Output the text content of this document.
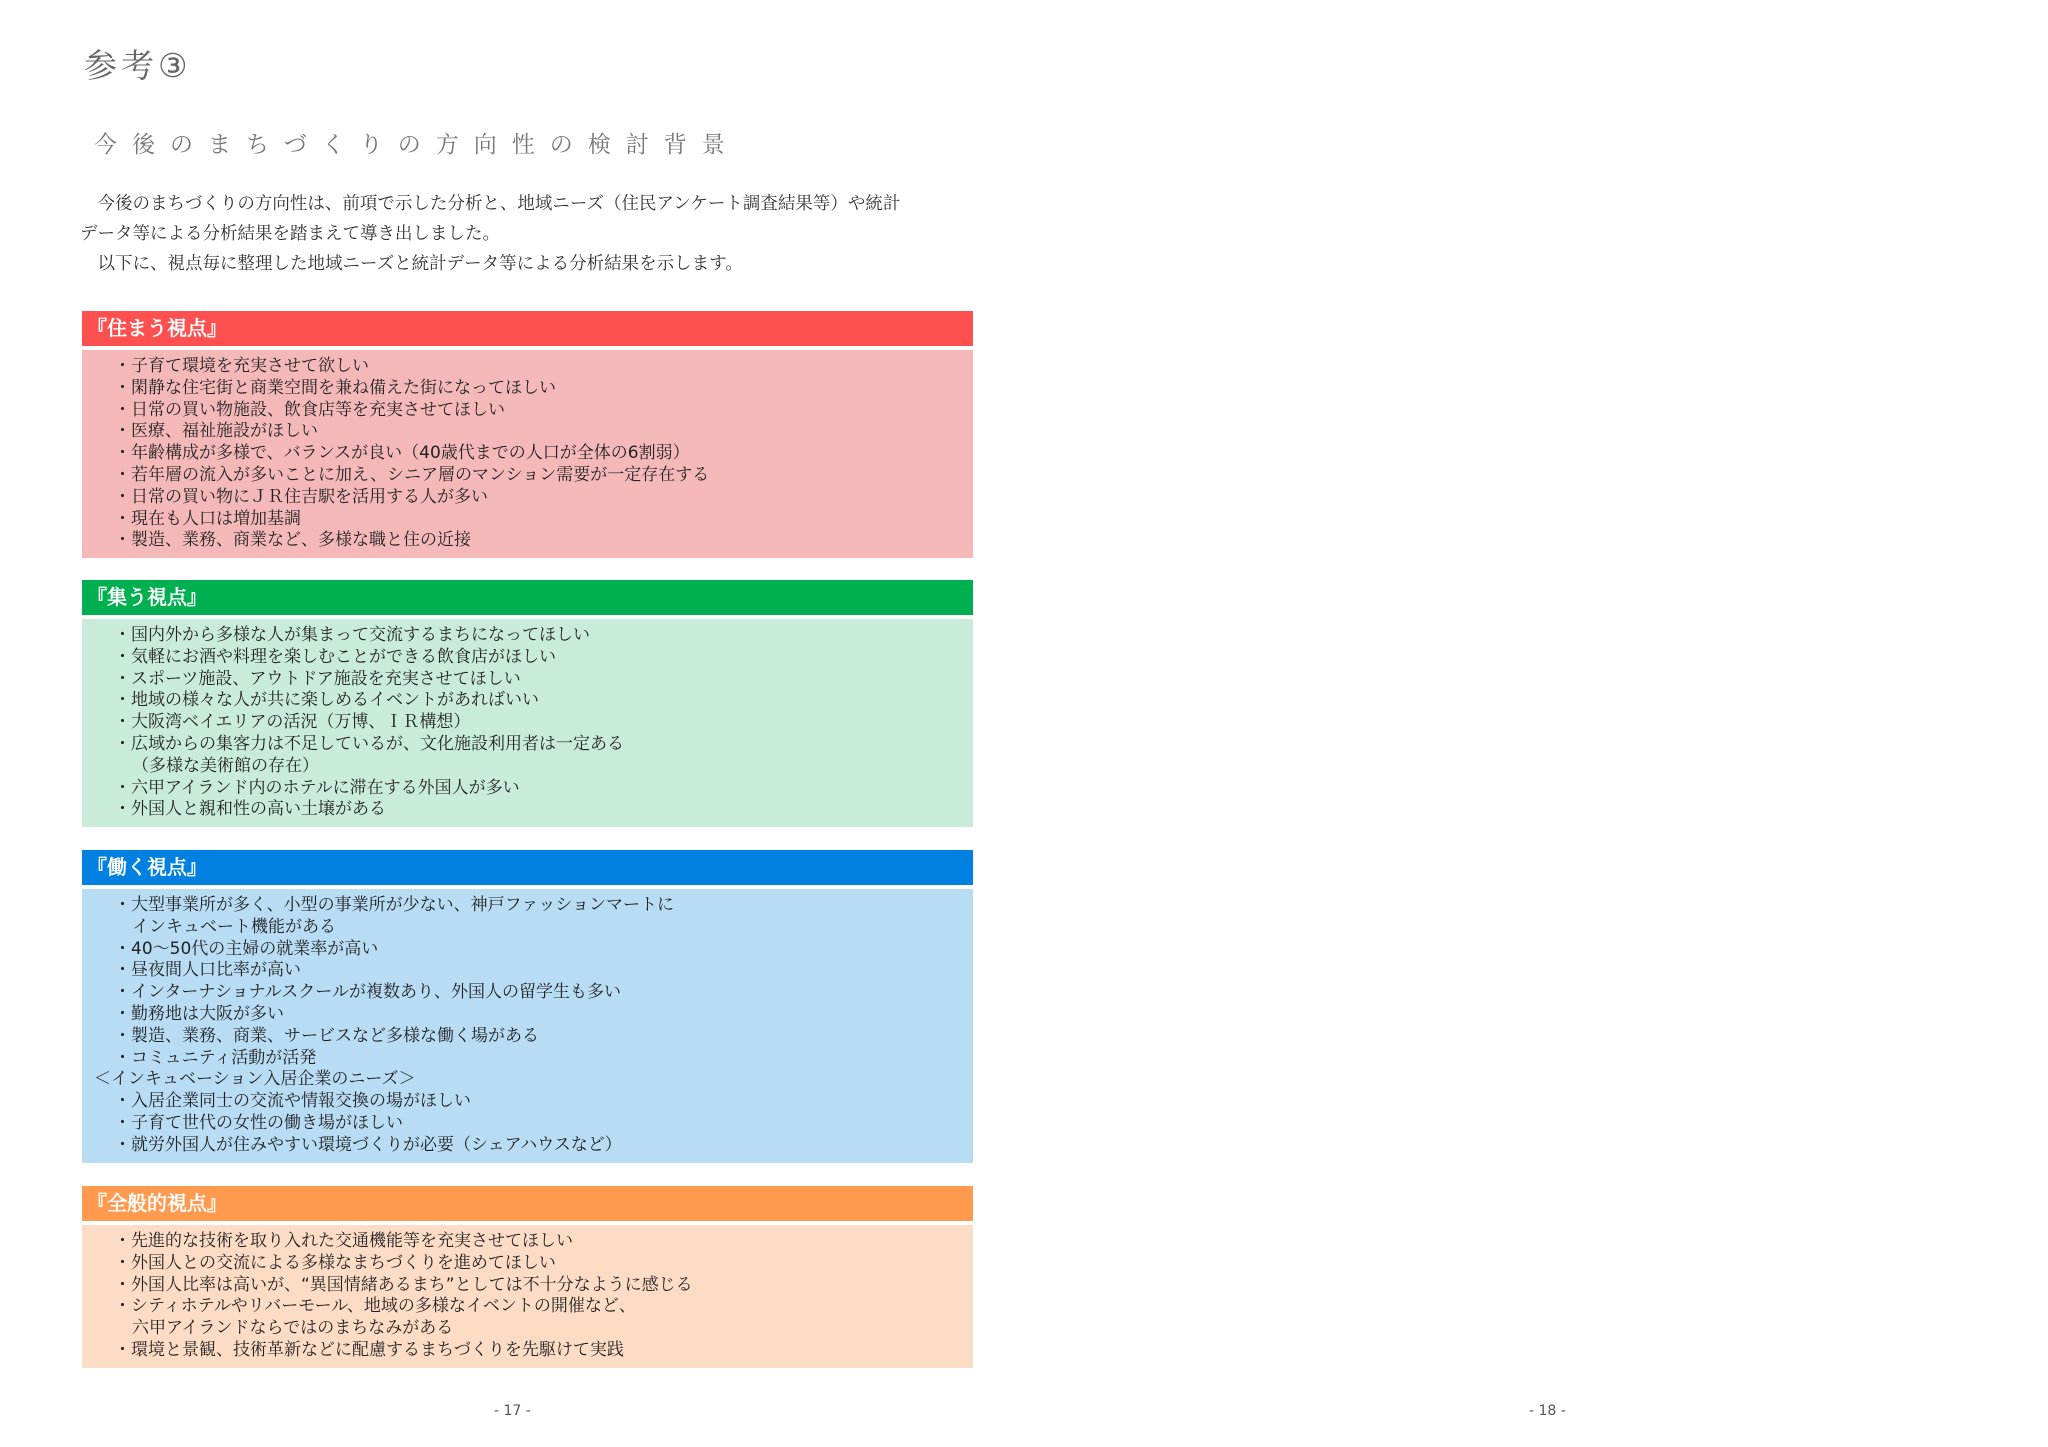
参考③
今後のまちづくりの方向性の検討背景

　今後のまちづくりの方向性は、前項で示した分析と、地域ニーズ（住民アンケート調査結果等）や統計

データ等による分析結果を踏まえて導き出しました。

　以下に、視点毎に整理した地域ニーズと統計データ等による分析結果を示します。

『住まう視点』
・子育て環境を充実させて欲しい
・閑静な住宅街と商業空間を兼ね備えた街になってほしい
・日常の買い物施設、飲食店等を充実させてほしい
・医療、福祉施設がほしい
・年齢構成が多様で、バランスが良い（40歳代までの人口が全体の6割弱）
・若年層の流入が多いことに加え、シニア層のマンション需要が一定存在する
・日常の買い物にＪＲ住吉駅を活用する人が多い
・現在も人口は増加基調
・製造、業務、商業など、多様な職と住の近接
『集う視点』
・国内外から多様な人が集まって交流するまちになってほしい
・気軽にお酒や料理を楽しむことができる飲食店がほしい
・スポーツ施設、アウトドア施設を充実させてほしい
・地域の様々な人が共に楽しめるイベントがあればいい
・大阪湾ベイエリアの活況（万博、ＩＲ構想）
・広域からの集客力は不足しているが、文化施設利用者は一定ある
（多様な美術館の存在）
・六甲アイランド内のホテルに滞在する外国人が多い
・外国人と親和性の高い土壌がある
『働く視点』
・大型事業所が多く、小型の事業所が少ない、神戸ファッションマートに
インキュベート機能がある
・40～50代の主婦の就業率が高い
・昼夜間人口比率が高い
・インターナショナルスクールが複数あり、外国人の留学生も多い
・勤務地は大阪が多い
・製造、業務、商業、サービスなど多様な働く場がある
・コミュニティ活動が活発
＜インキュベーション入居企業のニーズ＞
・入居企業同士の交流や情報交換の場がほしい
・子育て世代の女性の働き場がほしい
・就労外国人が住みやすい環境づくりが必要（シェアハウスなど）
『全般的視点』
・先進的な技術を取り入れた交通機能等を充実させてほしい
・外国人との交流による多様なまちづくりを進めてほしい
・外国人比率は高いが、“異国情緒あるまち”としては不十分なように感じる
・シティホテルやリバーモール、地域の多様なイベントの開催など、
六甲アイランドならではのまちなみがある
・環境と景観、技術革新などに配慮するまちづくりを先駆けて実践
- 17 -	- 18 -
